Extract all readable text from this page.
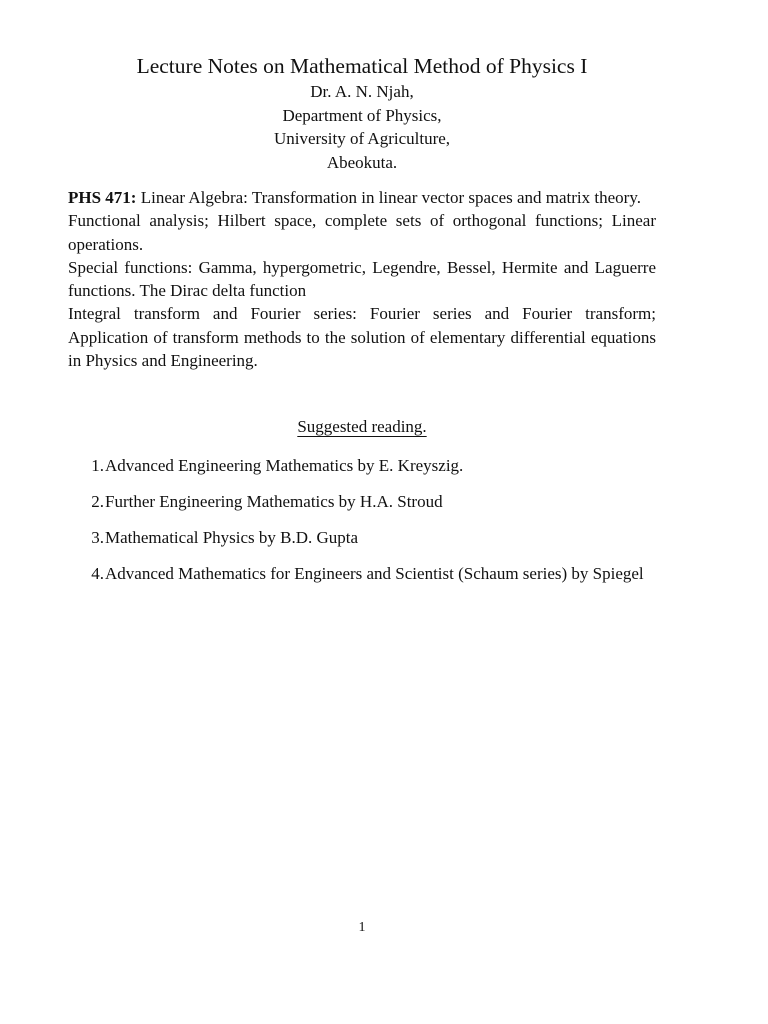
Lecture Notes on Mathematical Method of Physics I

Dr. A. N. Njah,

Department of Physics,

University of Agriculture,

Abeokuta.

PHS 471: Linear Algebra: Transformation in linear vector spaces and matrix theory.

Functional analysis; Hilbert space, complete sets of orthogonal functions; Linear operations.

Special functions: Gamma, hypergometric, Legendre, Bessel, Hermite and Laguerre functions. The Dirac delta function

Integral transform and Fourier series: Fourier series and Fourier transform; Application of transform methods to the solution of elementary differential equations in Physics and Engineering.

Suggested reading.
1. Advanced Engineering Mathematics by E. Kreyszig.
2. Further Engineering Mathematics by H.A. Stroud
3. Mathematical Physics by B.D. Gupta
4. Advanced Mathematics for Engineers and Scientist (Schaum series) by Spiegel
1
